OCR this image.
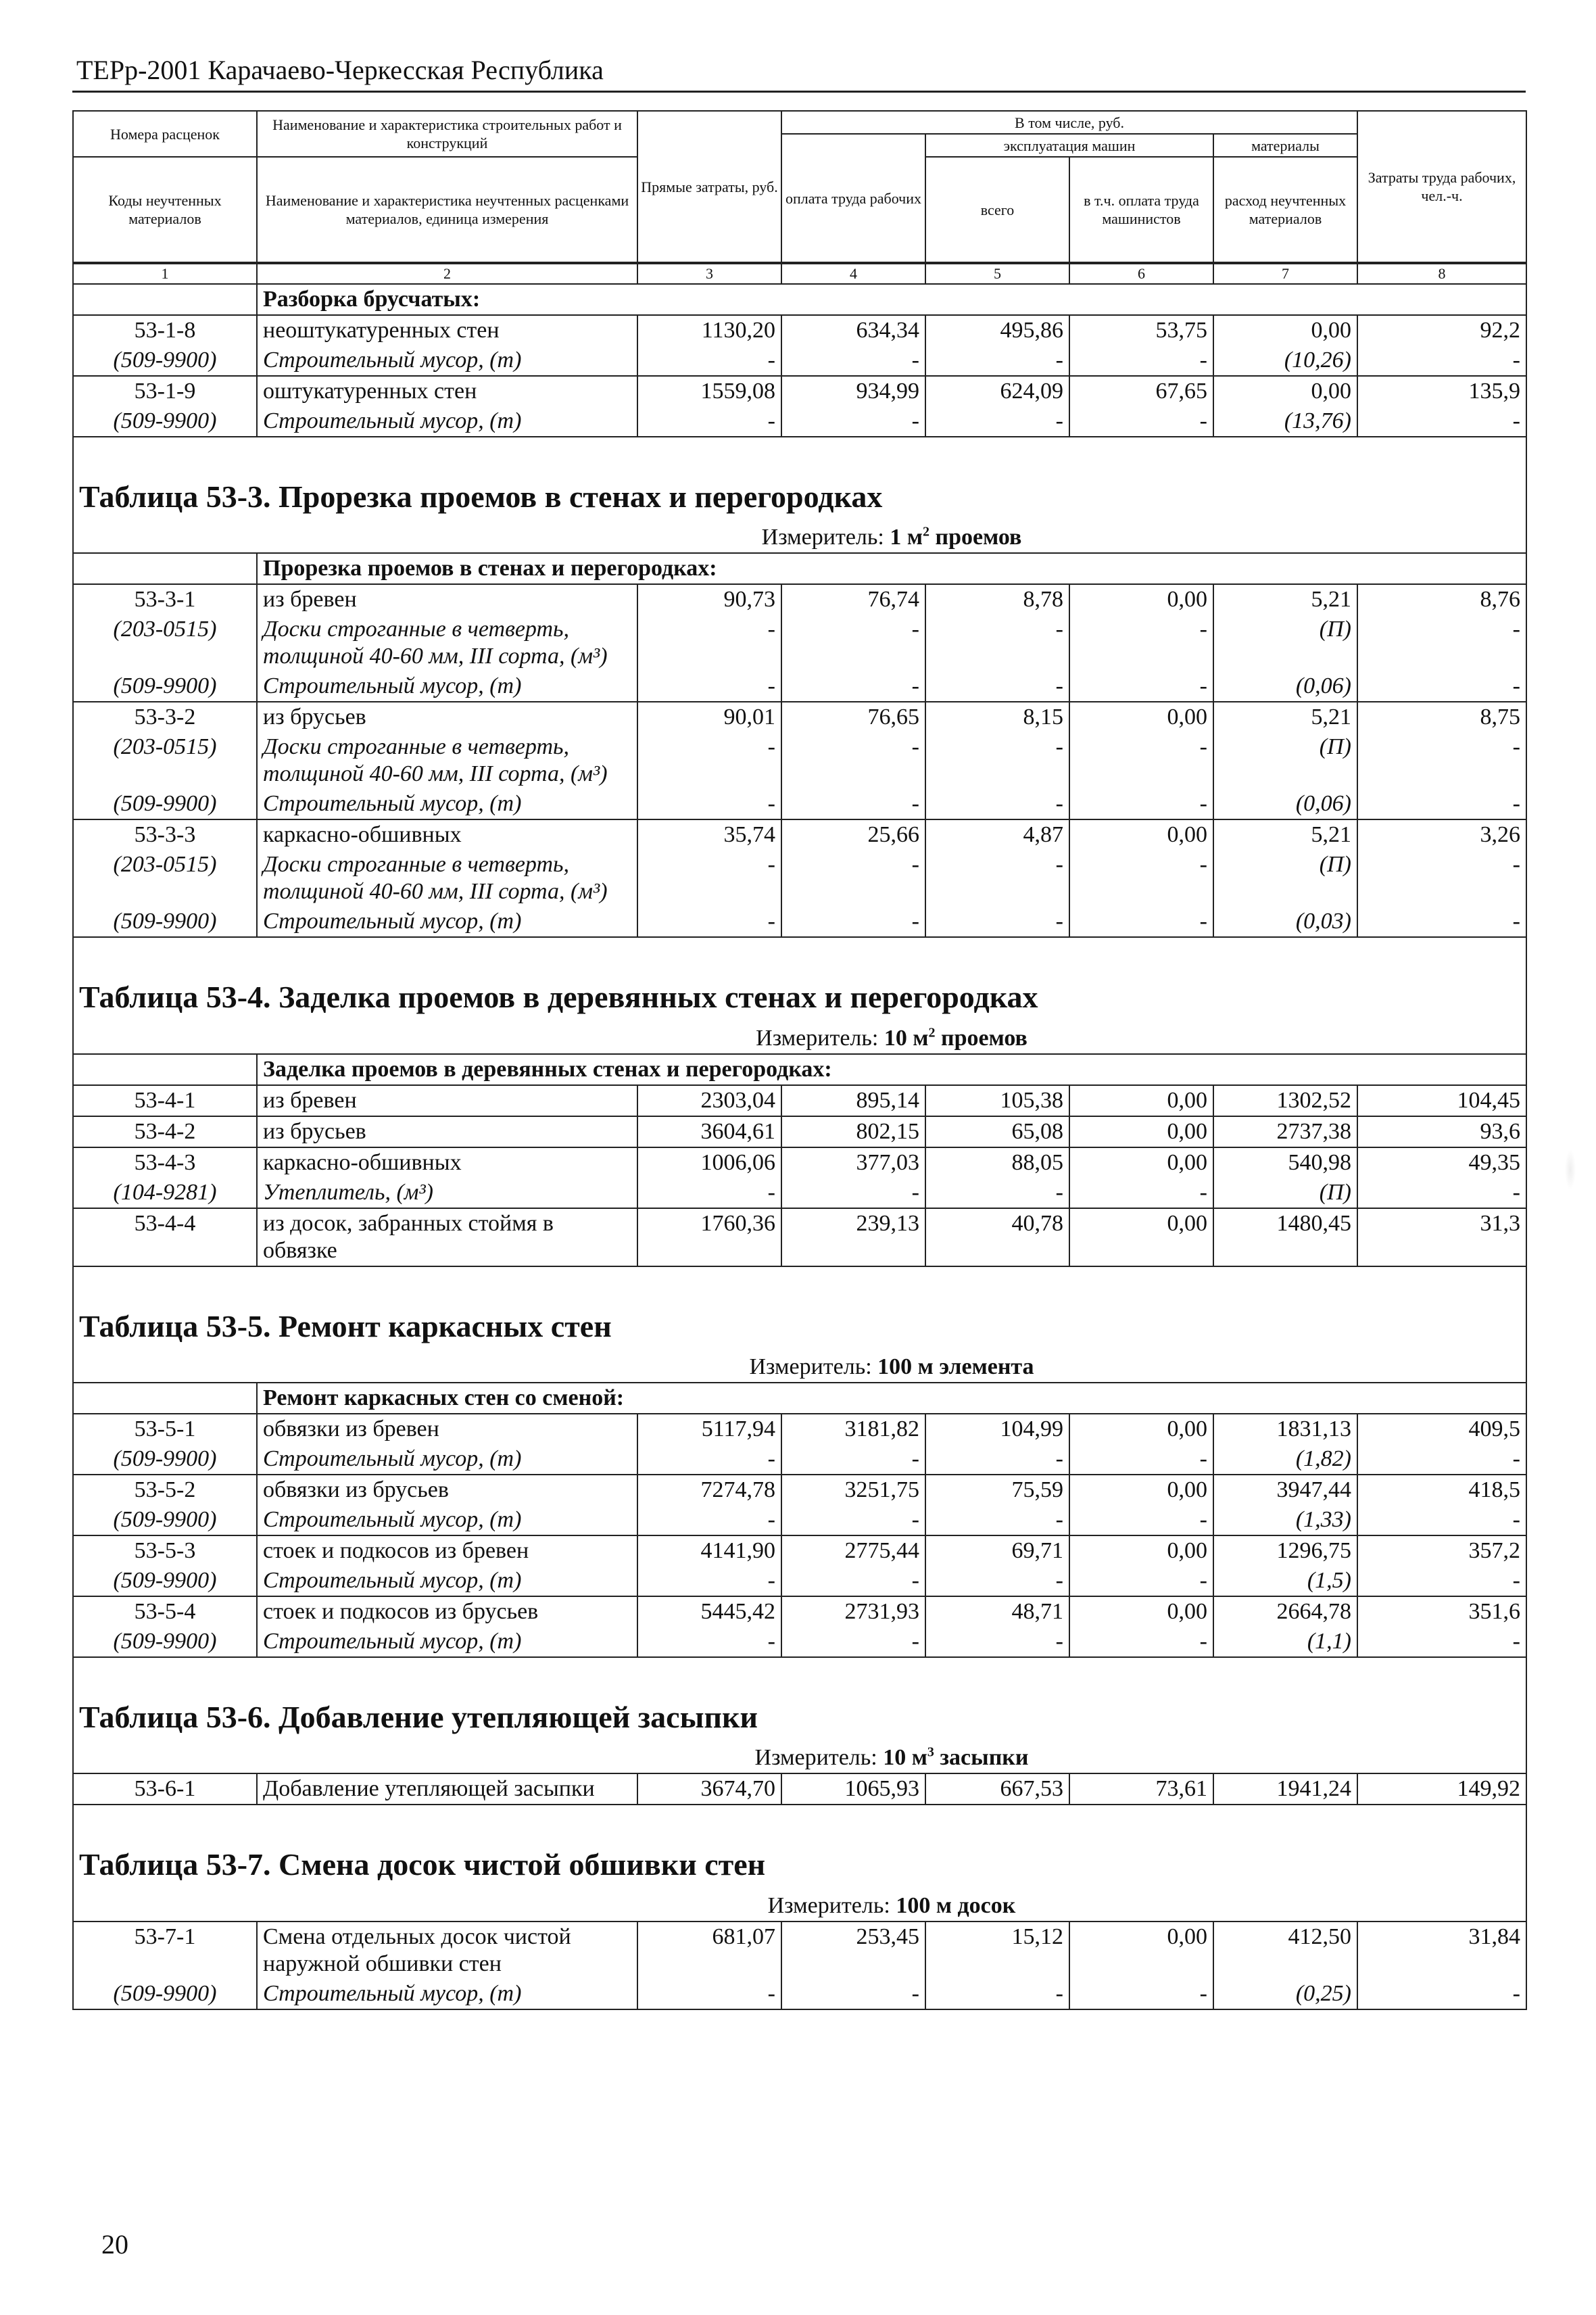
ТЕРр-2001 Карачаево-Черкесская Республика
Номера расценок	Наименование и характеристика строительных работ и конструкций	Прямые затраты, руб.	В том числе, руб.				Затраты труда рабочих, чел.-ч.
			оплата труда рабочих	эксплуатация машин		материалы	
Коды неучтенных материалов	Наименование и характеристика неучтенных расценками материалов, единица измерения			всего	в т.ч. оплата труда машинистов	расход неучтенных материалов	
1	2	3	4	5	6	7	8
	Разборка брусчатых:						
53-1-8	неоштукатуренных стен	1130,20	634,34	495,86	53,75	0,00	92,2
(509-9900)	Строительный мусор, (т)	-	-	-	-	(10,26)	-
53-1-9	оштукатуренных стен	1559,08	934,99	624,09	67,65	0,00	135,9
(509-9900)	Строительный мусор, (т)	-	-	-	-	(13,76)	-

Таблица 53-3. Прорезка проемов в стенах и перегородках							
Измеритель: 1 $м^2$ проемов							
	Прорезка проемов в стенах и перегородках:						
53-3-1	из бревен	90,73	76,74	8,78	0,00	5,21	8,76
(203-0515)	Доски строганные в четверть, толщиной 40-60 мм, III сорта, (м³)	-	-	-	-	(П)	-
(509-9900)	Строительный мусор, (т)	-	-	-	-	(0,06)	-
53-3-2	из брусьев	90,01	76,65	8,15	0,00	5,21	8,75
(203-0515)	Доски строганные в четверть, толщиной 40-60 мм, III сорта, (м³)	-	-	-	-	(П)	-
(509-9900)	Строительный мусор, (т)	-	-	-	-	(0,06)	-
53-3-3	каркасно-обшивных	35,74	25,66	4,87	0,00	5,21	3,26
(203-0515)	Доски строганные в четверть, толщиной 40-60 мм, III сорта, (м³)	-	-	-	-	(П)	-
(509-9900)	Строительный мусор, (т)	-	-	-	-	(0,03)	-

Таблица 53-4. Заделка проемов в деревянных стенах и перегородках							
Измеритель: 10 $м^2$ проемов							
	Заделка проемов в деревянных стенах и перегородках:						
53-4-1	из бревен	2303,04	895,14	105,38	0,00	1302,52	104,45
53-4-2	из брусьев	3604,61	802,15	65,08	0,00	2737,38	93,6
53-4-3	каркасно-обшивных	1006,06	377,03	88,05	0,00	540,98	49,35
(104-9281)	Утеплитель, (м³)	-	-	-	-	(П)	-
53-4-4	из досок, забранных стоймя в обвязке	1760,36	239,13	40,78	0,00	1480,45	31,3

Таблица 53-5. Ремонт каркасных стен							
Измеритель: 100 м элемента							
	Ремонт каркасных стен со сменой:						
53-5-1	обвязки из бревен	5117,94	3181,82	104,99	0,00	1831,13	409,5
(509-9900)	Строительный мусор, (т)	-	-	-	-	(1,82)	-
53-5-2	обвязки из брусьев	7274,78	3251,75	75,59	0,00	3947,44	418,5
(509-9900)	Строительный мусор, (т)	-	-	-	-	(1,33)	-
53-5-3	стоек и подкосов из бревен	4141,90	2775,44	69,71	0,00	1296,75	357,2
(509-9900)	Строительный мусор, (т)	-	-	-	-	(1,5)	-
53-5-4	стоек и подкосов из брусьев	5445,42	2731,93	48,71	0,00	2664,78	351,6
(509-9900)	Строительный мусор, (т)	-	-	-	-	(1,1)	-

Таблица 53-6. Добавление утепляющей засыпки							
Измеритель: 10 $м^3$ засыпки							
53-6-1	Добавление утепляющей засыпки	3674,70	1065,93	667,53	73,61	1941,24	149,92

Таблица 53-7. Смена досок чистой обшивки стен							
Измеритель: 100 м досок							
53-7-1	Смена отдельных досок чистой наружной обшивки стен	681,07	253,45	15,12	0,00	412,50	31,84
(509-9900)	Строительный мусор, (т)	-	-	-	-	(0,25)	-
20
